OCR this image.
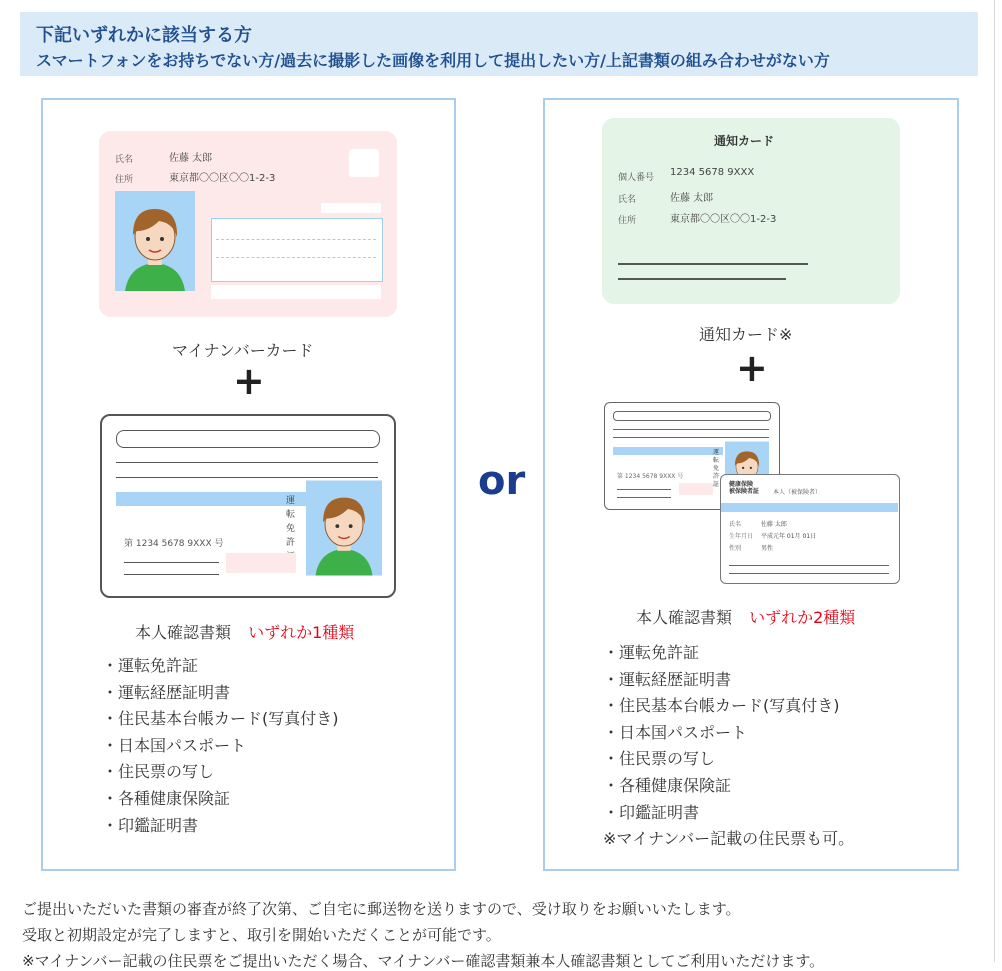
下記いずれかに該当する方
スマートフォンをお持ちでない方/過去に撮影した画像を利用して提出したい方/上記書類の組み合わせがない方
氏名	佐藤 太郎
住所	東京都〇〇区〇〇1-2-3
マイナンバーカード
+
第 1234 5678 9XXX 号
運転免許
本人確認書類 いずれか1種類
・運転免許証
・運転経歴証明書
・住民基本台帳カード(写真付き)
・日本国パスポート
・住民票の写し
・各種健康保険証
・印鑑証明書
or
通知カード
個人番号 1234 5678 9XXX
氏名	佐藤 太郎
住所	東京都〇〇区〇〇1-2-3
通知カード※
+
第 1234 5678 9XXX 号
運転免許証	健康保険 被保険者証 本人（被保険者）
氏名	佐藤 太郎
生年月日 平成元年 01月 01日
性別	男性
本人確認書類 いずれか2種類
・運転免許証
・運転経歴証明書
・住民基本台帳カード(写真付き)
・日本国パスポート
・住民票の写し
・各種健康保険証
・印鑑証明書
※マイナンバー記載の住民票も可。
ご提出いただいた書類の審査が終了次第、ご自宅に郵送物を送りますので、受け取りをお願いいたします。
受取と初期設定が完了しますと、取引を開始いただくことが可能です。
※マイナンバー記載の住民票をご提出いただく場合、マイナンバー確認書類兼本人確認書類としてご利用いただけます。
